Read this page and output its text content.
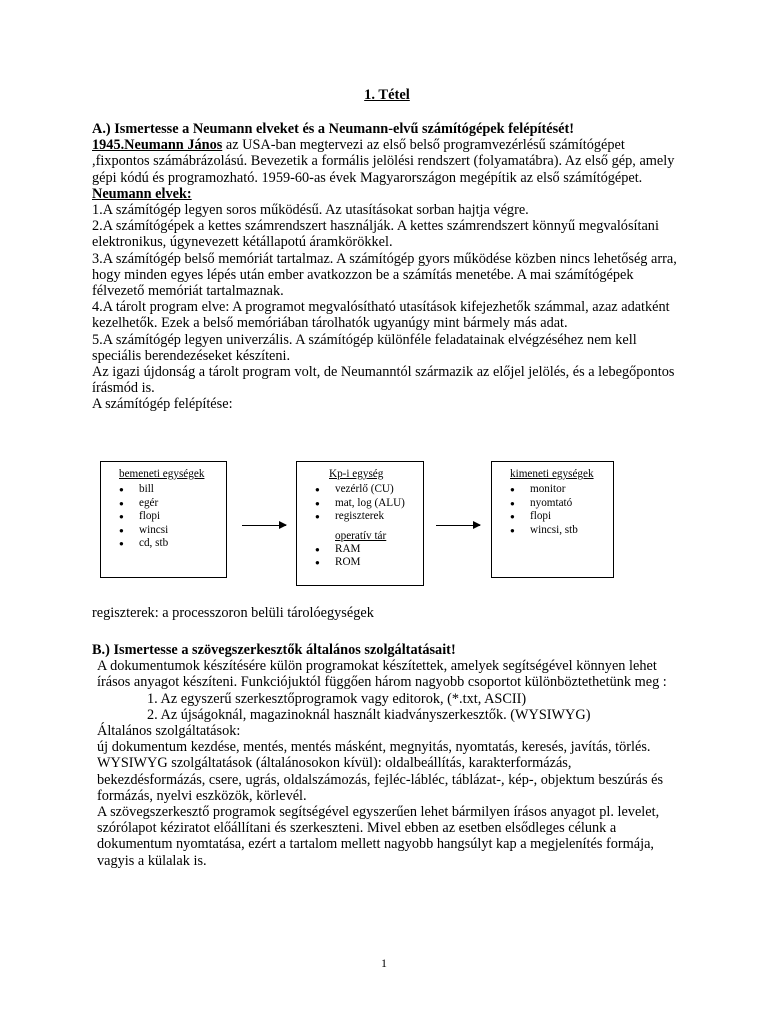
1. Tétel

A.) Ismertesse a Neumann elveket és a Neumann-elvű számítógépek felépítését!

1945.Neumann János az USA-ban megtervezi az első belső programvezérlésű számítógépet ,fixpontos számábrázolású. Bevezetik a formális jelölési rendszert (folyamatábra). Az első gép, amely gépi kódú és programozható. 1959-60-as évek Magyarországon megépítik az első számítógépet.

Neumann elvek:

1.A számítógép legyen soros működésű. Az utasításokat sorban hajtja végre.

2.A számítógépek a kettes számrendszert használják. A kettes számrendszert könnyű megvalósítani elektronikus, úgynevezett kétállapotú áramkörökkel.

3.A számítógép belső memóriát tartalmaz. A számítógép gyors működése közben nincs lehetőség arra, hogy minden egyes lépés után ember avatkozzon be a számítás menetébe. A mai számítógépek félvezető memóriát tartalmaznak.

4.A tárolt program elve: A programot megvalósítható utasítások kifejezhetők számmal, azaz adatként kezelhetők. Ezek a belső memóriában tárolhatók ugyanúgy mint bármely más adat.

5.A számítógép legyen univerzális. A számítógép különféle feladatainak elvégzéséhez nem kell speciális berendezéseket készíteni.

Az igazi újdonság a tárolt program volt, de Neumanntól származik az előjel jelölés, és a lebegőpontos írásmód is.

A számítógép felépítése:

bemeneti egységek
● bill
● egér
● flopi
● wincsi
● cd, stb
Kp-i egység
● vezérlő (CU)
● mat, log (ALU)
● regiszterek
operatív tár
● RAM
● ROM
kimeneti egységek
● monitor
● nyomtató
● flopi
● wincsi, stb

regiszterek: a processzoron belüli tárolóegységek

B.) Ismertesse a szövegszerkesztők általános szolgáltatásait!

A dokumentumok készítésére külön programokat készítettek, amelyek segítségével könnyen lehet írásos anyagot készíteni. Funkciójuktól függően három nagyobb csoportot különböztethetünk meg :

1. Az egyszerű szerkesztőprogramok vagy editorok, (*.txt, ASCII)

2. Az újságoknál, magazinoknál használt kiadványszerkesztők. (WYSIWYG)

Általános szolgáltatások:

új dokumentum kezdése, mentés, mentés másként, megnyitás, nyomtatás, keresés, javítás, törlés.

WYSIWYG szolgáltatások (általánosokon kívül): oldalbeállítás, karakterformázás, bekezdésformázás, csere, ugrás, oldalszámozás, fejléc-lábléc, táblázat-, kép-, objektum beszúrás és formázás, nyelvi eszközök, körlevél.

A szövegszerkesztő programok segítségével egyszerűen lehet bármilyen írásos anyagot pl. levelet, szórólapot kéziratot előállítani és szerkeszteni. Mivel ebben az esetben elsődleges célunk a dokumentum nyomtatása, ezért a tartalom mellett nagyobb hangsúlyt kap a megjelenítés formája, vagyis a külalak is.

1
